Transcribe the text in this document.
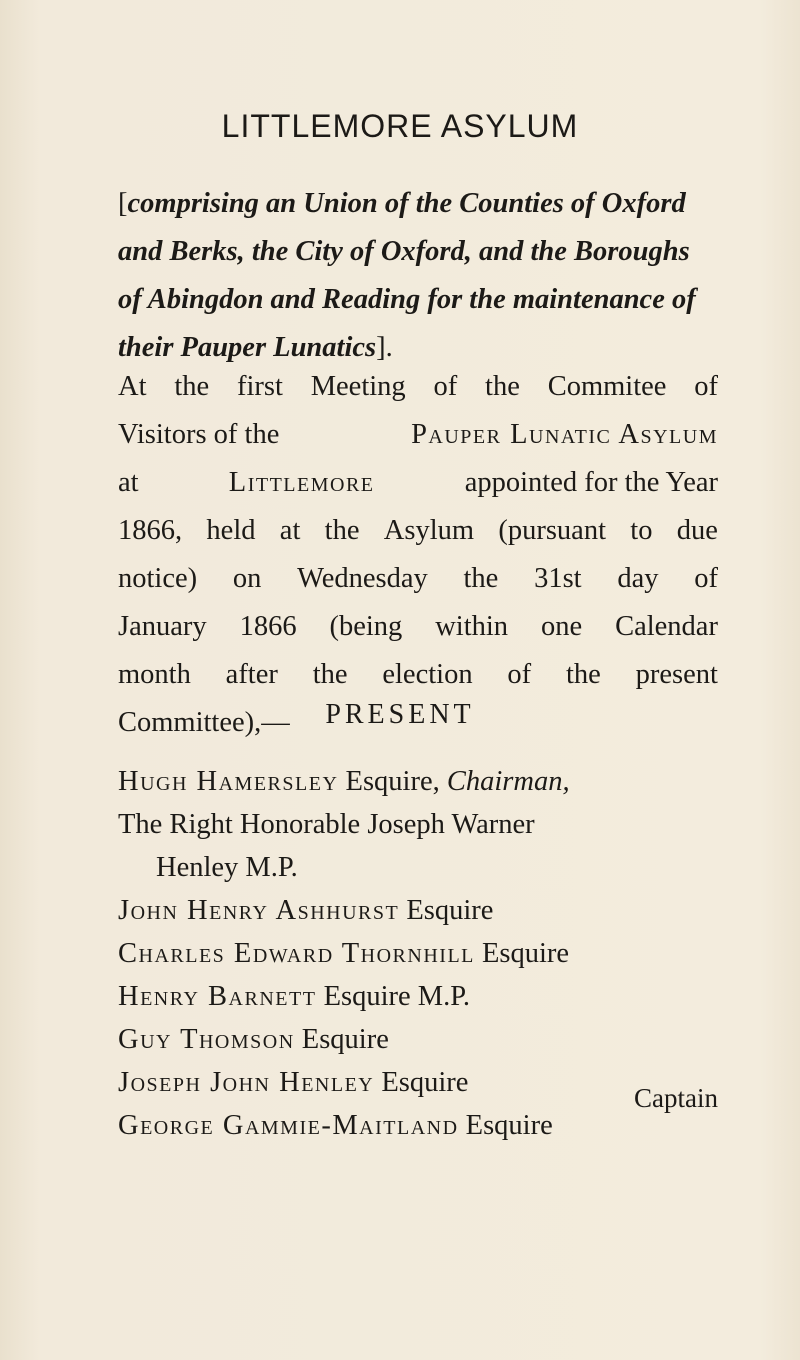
LITTLEMORE ASYLUM
[comprising an Union of the Counties of Oxford
and Berks, the City of Oxford, and the Boroughs
of Abingdon and Reading for the maintenance of
their Pauper Lunatics].
At the first Meeting of the Commitee of
Visitors of the	Pauper Lunatic Asylum
at	Littlemore	appointed for the Year
1866, held at the Asylum (pursuant to due
notice) on Wednesday the 31st day of
January 1866 (being within one Calendar
month after the election of the present
Committee),—	PRESENT
Hugh Hamersley Esquire, Chairman,
The Right Honorable Joseph Warner
Henley M.P.
John Henry Ashhurst Esquire
Charles Edward Thornhill Esquire
Henry Barnett Esquire M.P.
Guy Thomson Esquire
Joseph John Henley Esquire
George Gammie-Maitland Esquire
Captain
